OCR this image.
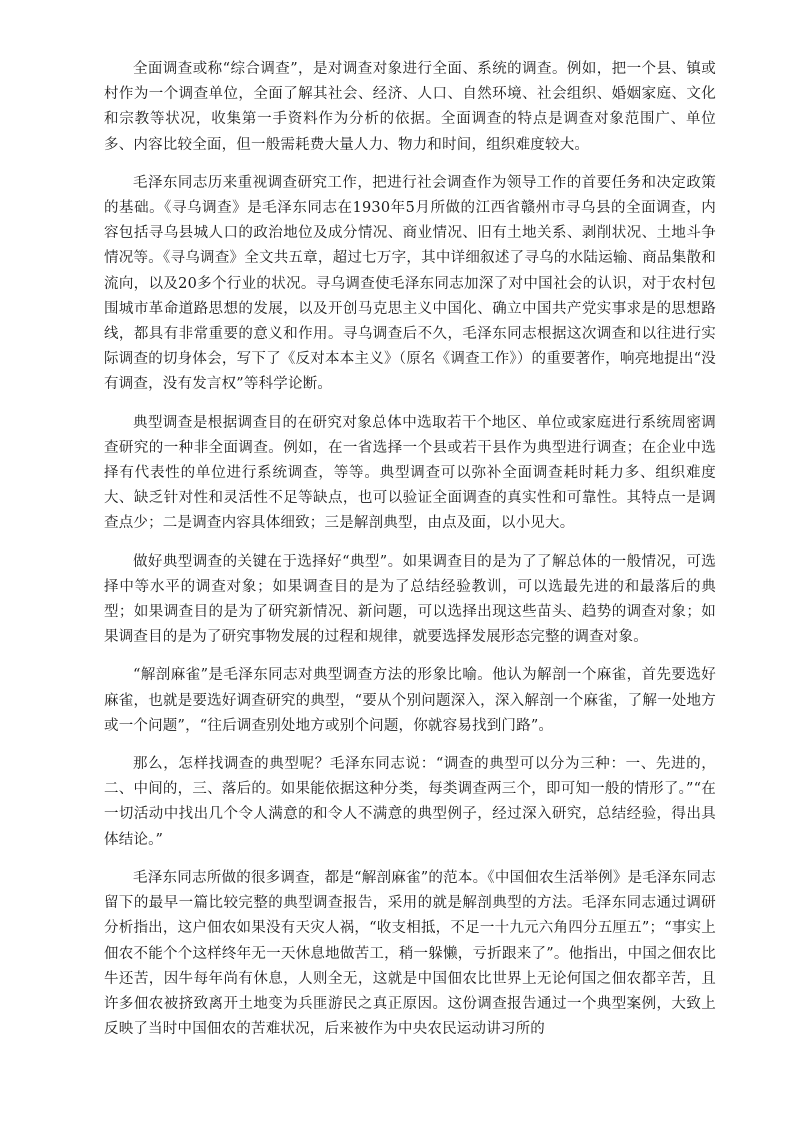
全面调查或称“综合调查”，是对调查对象进行全面、系统的调查。例如，把一个县、镇或村作为一个调查单位，全面了解其社会、经济、人口、自然环境、社会组织、婚姻家庭、文化和宗教等状况，收集第一手资料作为分析的依据。全面调查的特点是调查对象范围广、单位多、内容比较全面，但一般需耗费大量人力、物力和时间，组织难度较大。

毛泽东同志历来重视调查研究工作，把进行社会调查作为领导工作的首要任务和决定政策的基础。《寻乌调查》是毛泽东同志在1930年5月所做的江西省赣州市寻乌县的全面调查，内容包括寻乌县城人口的政治地位及成分情况、商业情况、旧有土地关系、剥削状况、土地斗争情况等。《寻乌调查》全文共五章，超过七万字，其中详细叙述了寻乌的水陆运输、商品集散和流向，以及20多个行业的状况。寻乌调查使毛泽东同志加深了对中国社会的认识，对于农村包围城市革命道路思想的发展，以及开创马克思主义中国化、确立中国共产党实事求是的思想路线，都具有非常重要的意义和作用。寻乌调查后不久，毛泽东同志根据这次调查和以往进行实际调查的切身体会，写下了《反对本本主义》（原名《调查工作》）的重要著作，响亮地提出“没有调查，没有发言权”等科学论断。

典型调查是根据调查目的在研究对象总体中选取若干个地区、单位或家庭进行系统周密调查研究的一种非全面调查。例如，在一省选择一个县或若干县作为典型进行调查；在企业中选择有代表性的单位进行系统调查，等等。典型调查可以弥补全面调查耗时耗力多、组织难度大、缺乏针对性和灵活性不足等缺点，也可以验证全面调查的真实性和可靠性。其特点一是调查点少；二是调查内容具体细致；三是解剖典型，由点及面，以小见大。

做好典型调查的关键在于选择好“典型”。如果调查目的是为了了解总体的一般情况，可选择中等水平的调查对象；如果调查目的是为了总结经验教训，可以选最先进的和最落后的典型；如果调查目的是为了研究新情况、新问题，可以选择出现这些苗头、趋势的调查对象；如果调查目的是为了研究事物发展的过程和规律，就要选择发展形态完整的调查对象。

“解剖麻雀”是毛泽东同志对典型调查方法的形象比喻。他认为解剖一个麻雀，首先要选好麻雀，也就是要选好调查研究的典型，“要从个别问题深入，深入解剖一个麻雀，了解一处地方或一个问题”，“往后调查别处地方或别个问题，你就容易找到门路”。

那么，怎样找调查的典型呢？毛泽东同志说：“调查的典型可以分为三种：一、先进的，二、中间的，三、落后的。如果能依据这种分类，每类调查两三个，即可知一般的情形了。”“在一切活动中找出几个令人满意的和令人不满意的典型例子，经过深入研究，总结经验，得出具体结论。”

毛泽东同志所做的很多调查，都是“解剖麻雀”的范本。《中国佃农生活举例》是毛泽东同志留下的最早一篇比较完整的典型调查报告，采用的就是解剖典型的方法。毛泽东同志通过调研分析指出，这户佃农如果没有天灾人祸，“收支相抵，不足一十九元六角四分五厘五”；“事实上佃农不能个个这样终年无一天休息地做苦工，稍一躲懒，亏折跟来了”。他指出，中国之佃农比牛还苦，因牛每年尚有休息，人则全无，这就是中国佃农比世界上无论何国之佃农都辛苦，且许多佃农被挤致离开土地变为兵匪游民之真正原因。这份调查报告通过一个典型案例，大致上反映了当时中国佃农的苦难状况，后来被作为中央农民运动讲习所的
